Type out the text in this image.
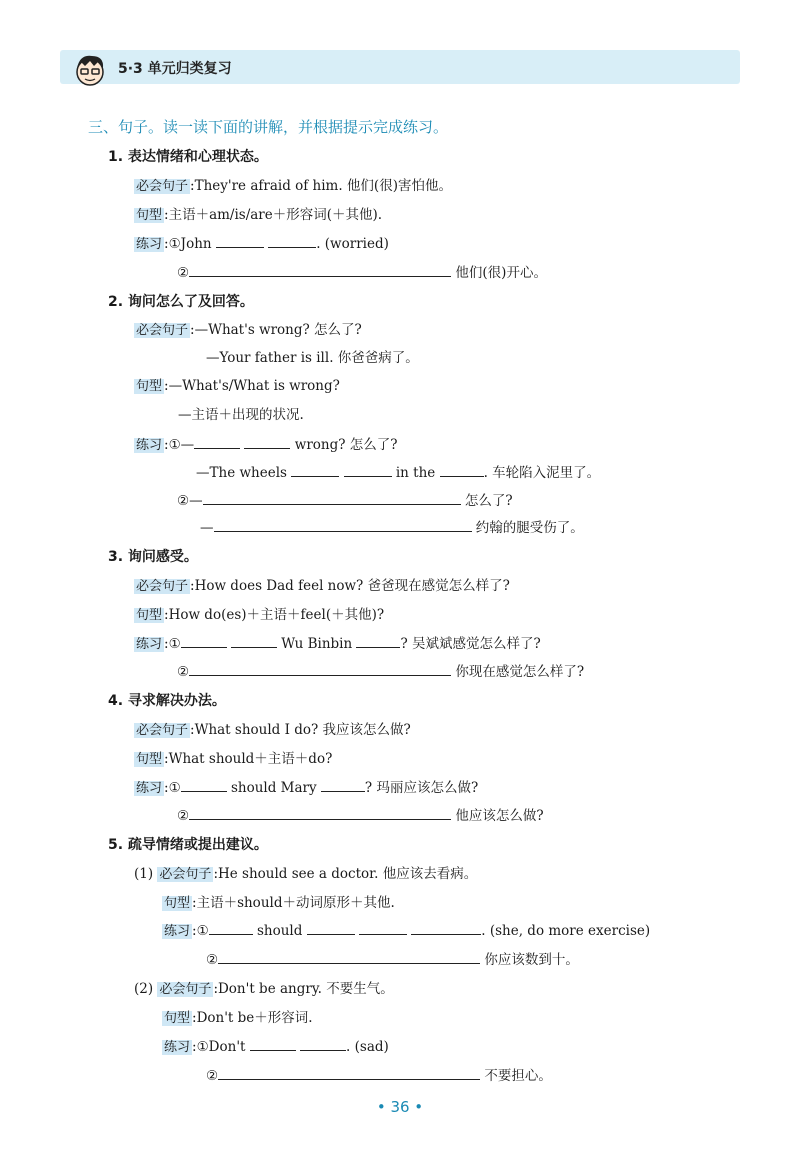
5·3 单元归类复习
三、句子。读一读下面的讲解，并根据提示完成练习。
1. 表达情绪和心理状态。
必会句子 :They're afraid of him. 他们(很)害怕他。
句型 :主语＋am/is/are＋形容词(＋其他).
练习 :①John	. (worried)
②	他们(很)开心。
2. 询问怎么了及回答。
必会句子 :—What's wrong? 怎么了?
—Your father is ill. 你爸爸病了。
句型 :—What's/What is wrong?
—主语＋出现的状况.
练习 :①—	wrong? 怎么了?
—The wheels	in the	. 车轮陷入泥里了。
②—	怎么了?
—	约翰的腿受伤了。
3. 询问感受。
必会句子 :How does Dad feel now? 爸爸现在感觉怎么样了?
句型 :How do(es)＋主语＋feel(＋其他)?
练习 :①	Wu Binbin	? 吴斌斌感觉怎么样了?
②	你现在感觉怎么样了?
4. 寻求解决办法。
必会句子 :What should I do? 我应该怎么做?
句型 :What should＋主语＋do?
练习 :①	should Mary	? 玛丽应该怎么做?
②	他应该怎么做?
5. 疏导情绪或提出建议。
(1) 必会句子 :He should see a doctor. 他应该去看病。
句型 :主语＋should＋动词原形＋其他.
练习 :①	should	. (she, do more exercise)
②	你应该数到十。
(2) 必会句子 :Don't be angry. 不要生气。
句型 :Don't be＋形容词.
练习 :①Don't	. (sad)
②	不要担心。
• 36 •
